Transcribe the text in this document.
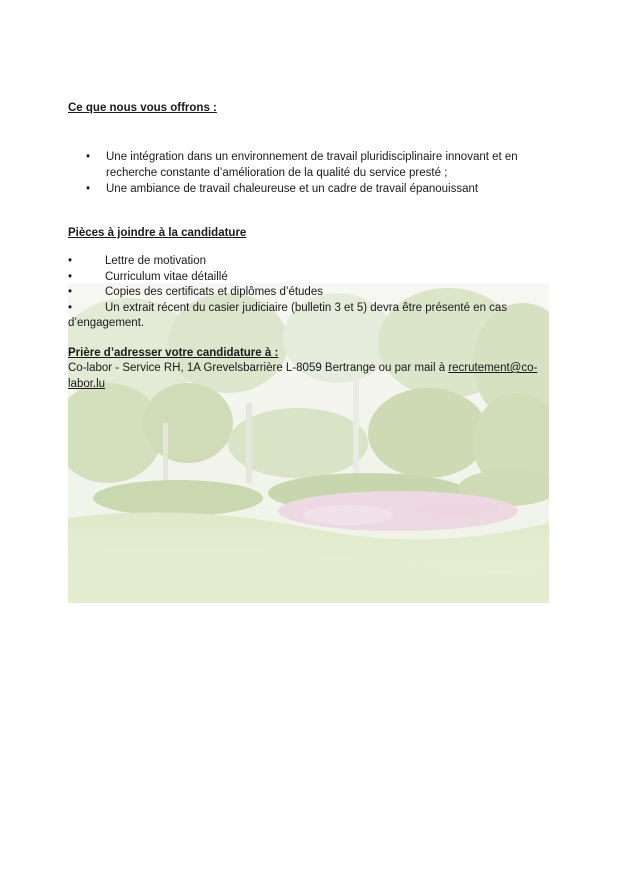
Ce que nous vous offrons :
• Une intégration dans un environnement de travail pluridisciplinaire innovant et en recherche constante d’amélioration de la qualité du service presté ;
• Une ambiance de travail chaleureuse et un cadre de travail épanouissant
Pièces à joindre à la candidature
•	Lettre de motivation
•	Curriculum vitae détaillé
•	Copies des certificats et diplômes d’études
•	Un extrait récent du casier judiciaire (bulletin 3 et 5) devra être présenté en cas d’engagement.
Prière d’adresser votre candidature à :
Co-labor - Service RH, 1A Grevelsbarrière L-8059 Bertrange ou par mail à recrutement@co-labor.lu
